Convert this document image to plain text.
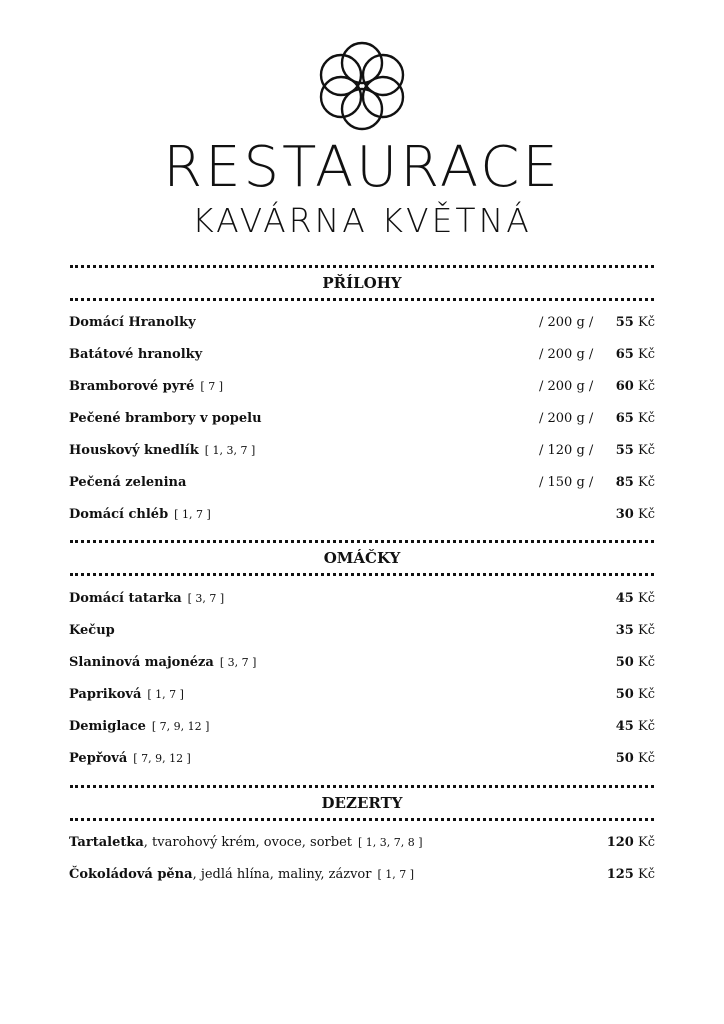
RESTAURACE
KAVÁRNA KVĚTNÁ
PŘÍLOHY
Domácí Hranolky	/ 200 g / 55 Kč
Batátové hranolky	/ 200 g / 65 Kč
Bramborové pyré [ 7 ]	/ 200 g / 60 Kč
Pečené brambory v popelu	/ 200 g / 65 Kč
Houskový knedlík [ 1, 3, 7 ]	/ 120 g / 55 Kč
Pečená zelenina	/ 150 g / 85 Kč
Domácí chléb [ 1, 7 ]	30 Kč
OMÁČKY
Domácí tatarka [ 3, 7 ]	45 Kč
Kečup	35 Kč
Slaninová majonéza [ 3, 7 ]	50 Kč
Papriková [ 1, 7 ]	50 Kč
Demiglace [ 7, 9, 12 ]	45 Kč
Pepřová [ 7, 9, 12 ]	50 Kč
DEZERTY
Tartaletka, tvarohový krém, ovoce, sorbet [ 1, 3, 7, 8 ]	120 Kč
Čokoládová pěna, jedlá hlína, maliny, zázvor [ 1, 7 ]	125 Kč
